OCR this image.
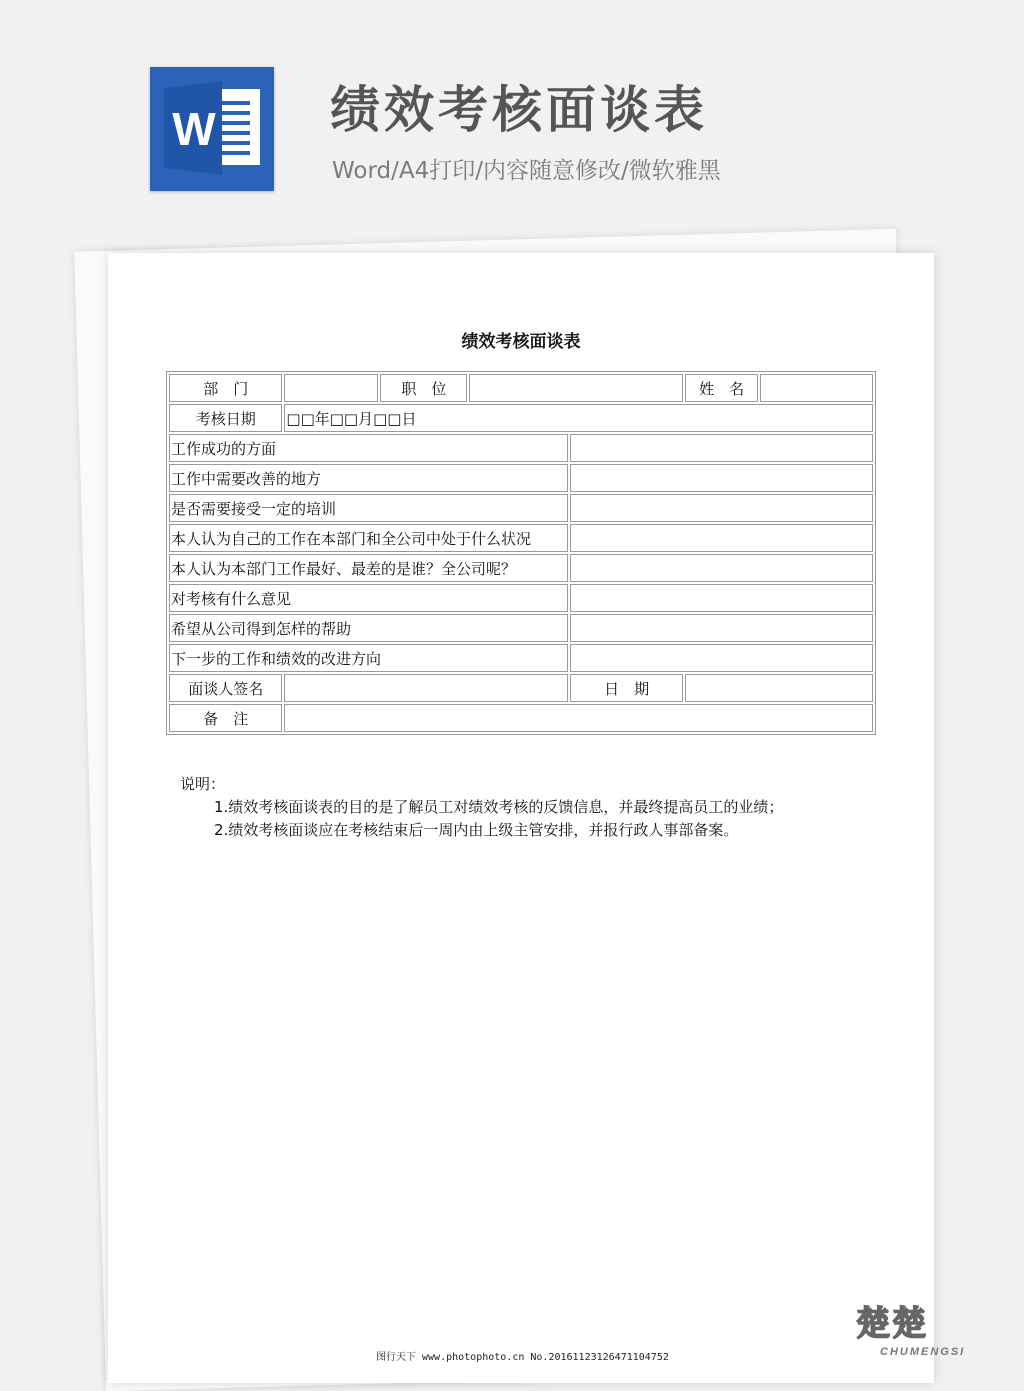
W 绩效考核面谈表
Word/A4打印/内容随意修改/微软雅黑
绩效考核面谈表
部　门		职　位			姓　名	
考核日期	□□年□□月□□日					
工作成功的方面						
工作中需要改善的地方						
是否需要接受一定的培训						
本人认为自己的工作在本部门和全公司中处于什么状况						
本人认为本部门工作最好、最差的是谁？全公司呢？						
对考核有什么意见						
希望从公司得到怎样的帮助						
下一步的工作和绩效的改进方向						
面谈人签名				日　期		
备　注						
说明：
1.绩效考核面谈表的目的是了解员工对绩效考核的反馈信息，并最终提高员工的业绩；
2.绩效考核面谈应在考核结束后一周内由上级主管安排，并报行政人事部备案。
图行天下 www.photophoto.cn No.20161123126471104752
楚楚
CHUMENGSI
